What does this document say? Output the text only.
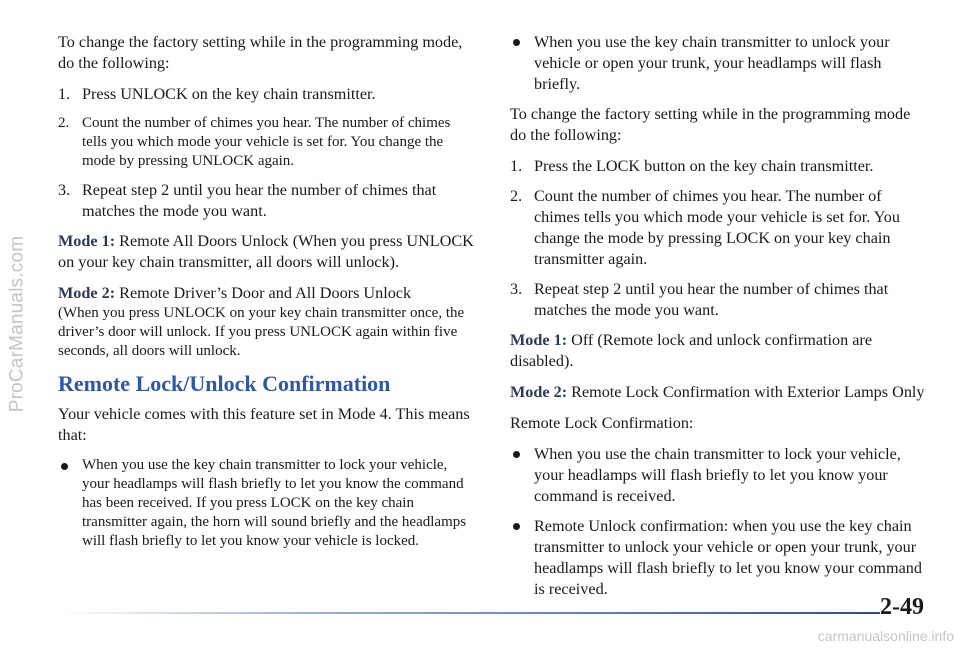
ProCarManuals.com

To change the factory setting while in the programming mode, do the following:

1. Press UNLOCK on the key chain transmitter.
2. Count the number of chimes you hear. The number of chimes tells you which mode your vehicle is set for. You change the mode by pressing UNLOCK again.
3. Repeat step 2 until you hear the number of chimes that matches the mode you want.

Mode 1: Remote All Doors Unlock (When you press UNLOCK on your key chain transmitter, all doors will unlock).

Mode 2: Remote Driver’s Door and All Doors Unlock
(When you press UNLOCK on your key chain transmitter once, the driver’s door will unlock. If you press UNLOCK again within five seconds, all doors will unlock.

Remote Lock/Unlock Confirmation

Your vehicle comes with this feature set in Mode 4. This means that:

When you use the key chain transmitter to lock your vehicle, your headlamps will flash briefly to let you know the command has been received. If you press LOCK on the key chain transmitter again, the horn will sound briefly and the headlamps will flash briefly to let you know your vehicle is locked.
When you use the key chain transmitter to unlock your vehicle or open your trunk, your headlamps will flash briefly.

To change the factory setting while in the programming mode do the following:

1. Press the LOCK button on the key chain transmitter.
2. Count the number of chimes you hear. The number of chimes tells you which mode your vehicle is set for. You change the mode by pressing LOCK on your key chain transmitter again.
3. Repeat step 2 until you hear the number of chimes that matches the mode you want.

Mode 1: Off (Remote lock and unlock confirmation are disabled).

Mode 2: Remote Lock Confirmation with Exterior Lamps Only

Remote Lock Confirmation:

When you use the chain transmitter to lock your vehicle, your headlamps will flash briefly to let you know your command is received.
Remote Unlock confirmation: when you use the key chain transmitter to unlock your vehicle or open your trunk, your headlamps will flash briefly to let you know your command is received.
2-49
carmanualsonline.info
